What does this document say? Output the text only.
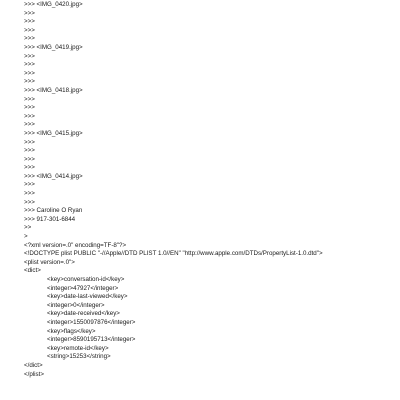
>>> <IMG_0420.jpg>
>>>
>>>
>>>
>>>
>>> <IMG_0419.jpg>
>>>
>>>
>>>
>>>
>>> <IMG_0418.jpg>
>>>
>>>
>>>
>>>
>>> <IMG_0415.jpg>
>>>
>>>
>>>
>>>
>>> <IMG_0414.jpg>
>>>
>>>
>>>
>>> Caroline O Ryan
>>> 917-301-6844
>>
>
<?xml version=.0" encoding=TF-8"?>
<!DOCTYPE plist PUBLIC "-//Apple//DTD PLIST 1.0//EN" "http://www.apple.com/DTDs/PropertyList-1.0.dtd">
<plist version=.0">
<dict>
<key>conversation-id</key>
<integer>47927</integer>
<key>date-last-viewed</key>
<integer>0</integer>
<key>date-received</key>
<integer>1550097876</integer>
<key>flags</key>
<integer>8590195713</integer>
<key>remote-id</key>
<string>15253</string>
</dict>
</plist>
